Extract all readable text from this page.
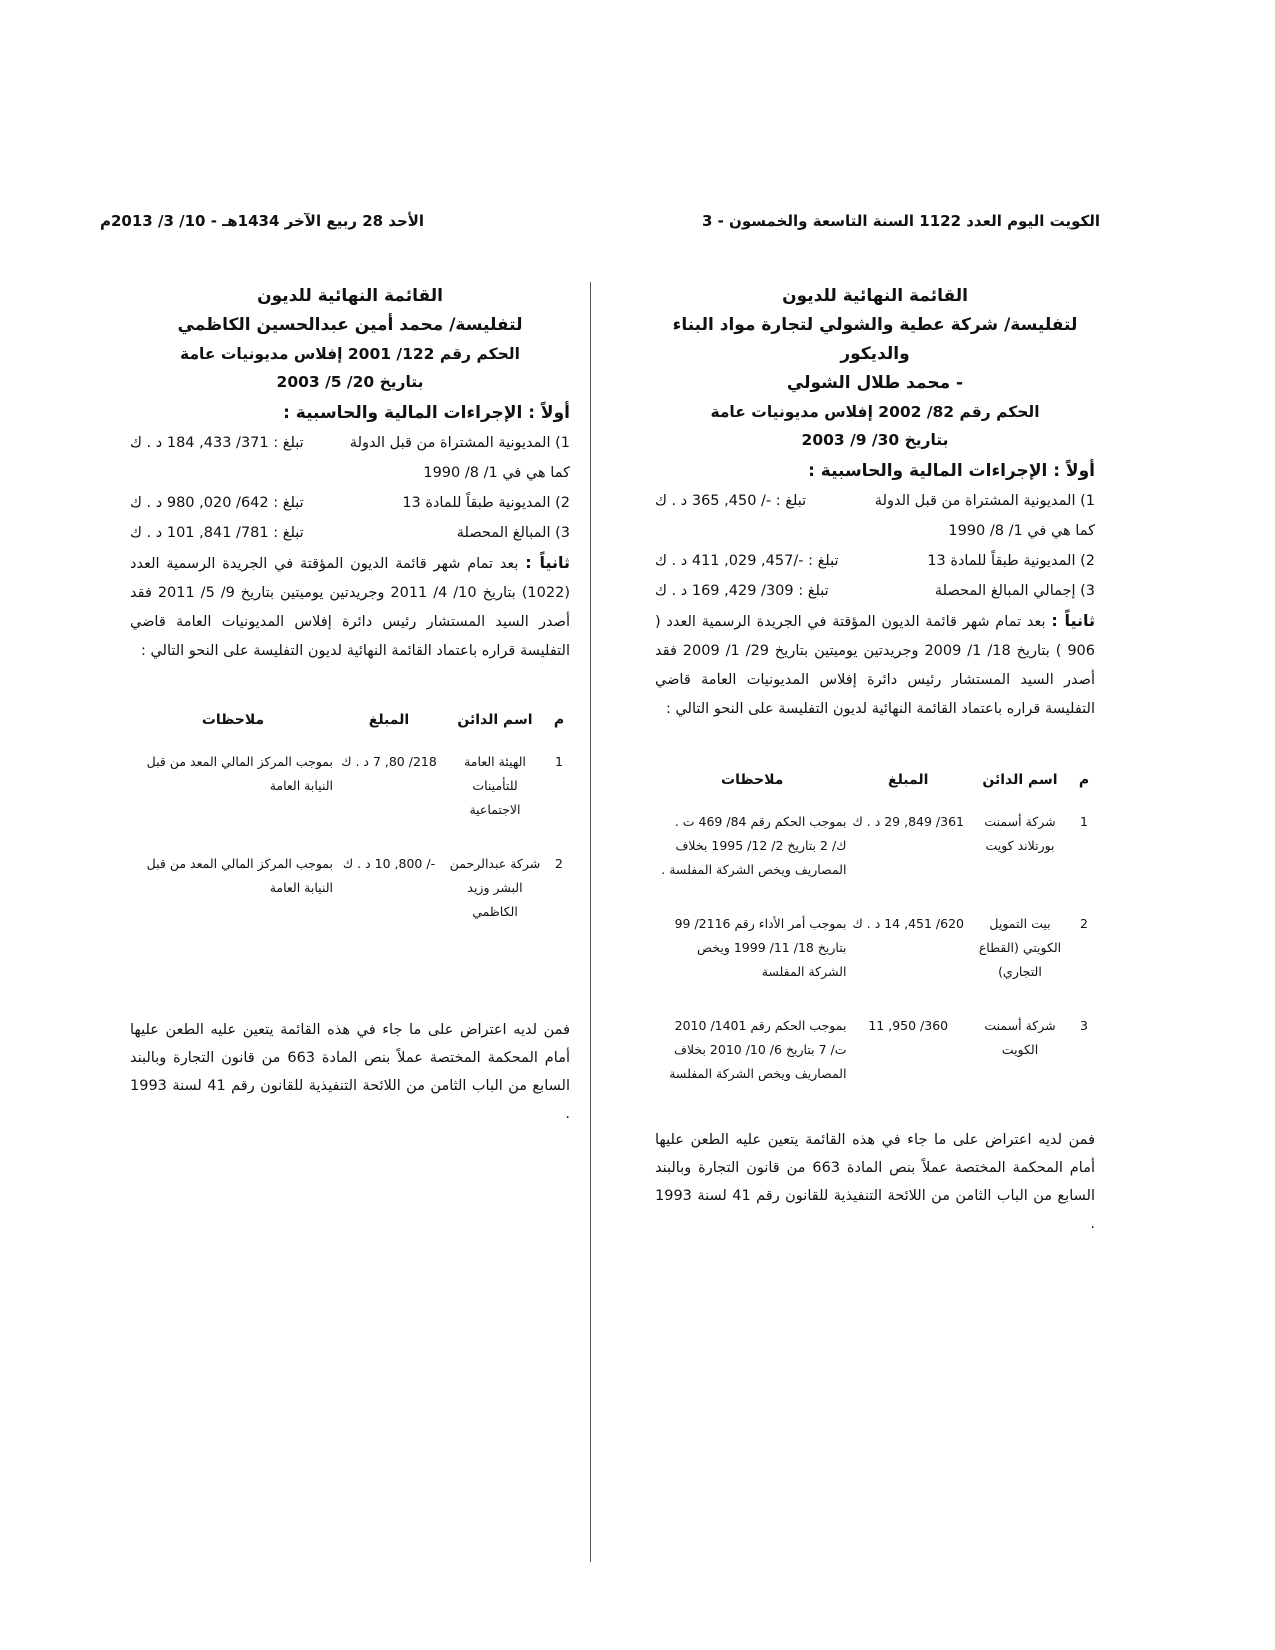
الكويت اليوم العدد 1122 السنة التاسعة والخمسون - 3
الأحد 28 ربيع الآخر 1434هـ - 10/ 3/ 2013م
القائمة النهائية للديون
لتفليسة/ شركة عطية والشولي لتجارة مواد البناء والديكور
- محمد طلال الشولي
الحكم رقم 82/ 2002 إفلاس مديونيات عامة
بتاريخ 30/ 9/ 2003
أولاً : الإجراءات المالية والحاسبية :
1) المديونية المشتراة من قبل الدولة
تبلغ : -/ 450, 365 د . ك
كما هي في 1/ 8/ 1990
2) المديونية طبقاً للمادة 13
تبلغ : -/457, 029, 411 د . ك
3) إجمالي المبالغ المحصلة
تبلغ : 309/ 429, 169 د . ك
ثانياً : بعد تمام شهر قائمة الديون المؤقتة في الجريدة الرسمية العدد ( 906 ) بتاريخ 18/ 1/ 2009 وجريدتين يوميتين بتاريخ 29/ 1/ 2009 فقد أصدر السيد المستشار رئيس دائرة إفلاس المديونيات العامة قاضي التفليسة قراره باعتماد القائمة النهائية لديون التفليسة على النحو التالي :
م	اسم الدائن	المبلغ	ملاحظات
1	شركة أسمنت بورتلاند كويت	361/ 849, 29 د . ك	بموجب الحكم رقم 84/ 469 ت . ك/ 2 بتاريخ 2/ 12/ 1995 بخلاف المصاريف ويخص الشركة المفلسة .
2	بيت التمويل الكويتي (القطاع التجاري)	620/ 451, 14 د . ك	بموجب أمر الأداء رقم 2116/ 99 بتاريخ 18/ 11/ 1999 ويخص الشركة المفلسة
3	شركة أسمنت الكويت	360/ 950, 11	بموجب الحكم رقم 1401/ 2010 ت/ 7 بتاريخ 6/ 10/ 2010 بخلاف المصاريف ويخص الشركة المفلسة
فمن لديه اعتراض على ما جاء في هذه القائمة يتعين عليه الطعن عليها أمام المحكمة المختصة عملاً بنص المادة 663 من قانون التجارة وبالبند السابع من الباب الثامن من اللائحة التنفيذية للقانون رقم 41 لسنة 1993 .
القائمة النهائية للديون
لتفليسة/ محمد أمين عبدالحسين الكاظمي
الحكم رقم 122/ 2001 إفلاس مديونيات عامة
بتاريخ 20/ 5/ 2003
أولاً : الإجراءات المالية والحاسبية :
1) المديونية المشتراة من قبل الدولة
تبلغ : 371/ 433, 184 د . ك
كما هي في 1/ 8/ 1990
2) المديونية طبقاً للمادة 13
تبلغ : 642/ 020, 980 د . ك
3) المبالغ المحصلة
تبلغ : 781/ 841, 101 د . ك
ثانياً : بعد تمام شهر قائمة الديون المؤقتة في الجريدة الرسمية العدد (1022) بتاريخ 10/ 4/ 2011 وجريدتين يوميتين بتاريخ 9/ 5/ 2011 فقد أصدر السيد المستشار رئيس دائرة إفلاس المديونيات العامة قاضي التفليسة قراره باعتماد القائمة النهائية لديون التفليسة على النحو التالي :
م	اسم الدائن	المبلغ	ملاحظات
1	الهيئة العامة للتأمينات الاجتماعية	218/ 80, 7 د . ك	بموجب المركز المالي المعد من قبل النيابة العامة
2	شركة عبدالرحمن البشر وزيد الكاظمي	-/ 800, 10 د . ك	بموجب المركز المالي المعد من قبل النيابة العامة
فمن لديه اعتراض على ما جاء في هذه القائمة يتعين عليه الطعن عليها أمام المحكمة المختصة عملاً بنص المادة 663 من قانون التجارة وبالبند السابع من الباب الثامن من اللائحة التنفيذية للقانون رقم 41 لسنة 1993 .
